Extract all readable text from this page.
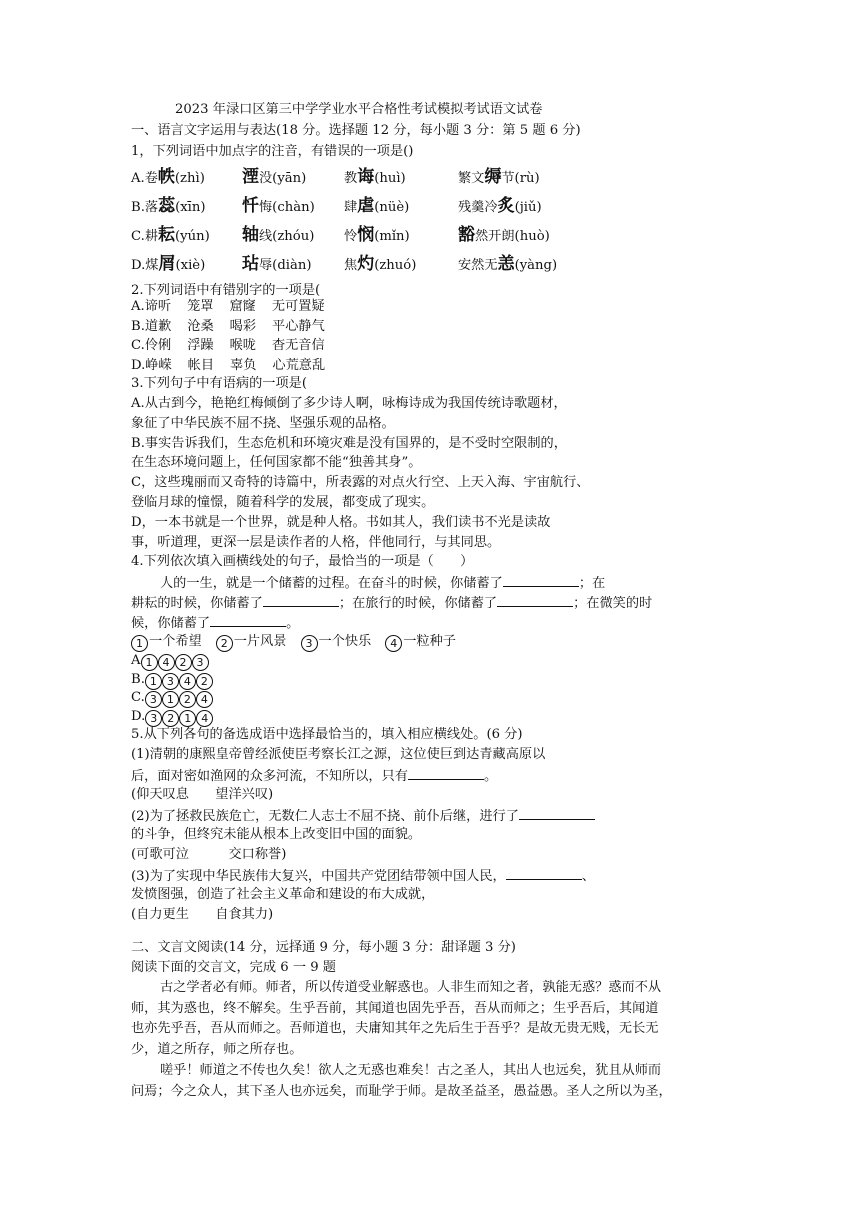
2023 年渌口区第三中学学业水平合格性考试模拟考试语文试卷
一、语言文字运用与表达(18 分。选择题 12 分，每小题 3 分：第 5 题 6 分)
1，下列词语中加点字的注音，有错误的一项是()
A.卷帙(zhì) 湮没(yān)	教诲(huì)	繁文缛节(rù)
B.落蕊(xīn) 忏悔(chàn) 肆虐(nüè)	残羹冷炙(jiǔ)
C.耕耘(yún) 轴线(zhóu) 怜悯(mǐn)	豁然开朗(huò)
D.煤屑(xiè) 玷辱(diàn) 焦灼(zhuó)	安然无恙(yàng)
2.下列词语中有错别字的一项是(
A.谛听 笼罩 窟窿 无可置疑
B.道歉 沧桑 喝彩 平心静气
C.伶俐 浮躁 喉咙 杳无音信
D.峥嵘 帐目 辜负 心荒意乱
3.下列句子中有语病的一项是(
A.从古到今，艳艳红梅倾倒了多少诗人啊，咏梅诗成为我国传统诗歌题材，
象征了中华民族不屈不挠、坚强乐观的品格。
B.事实告诉我们，生态危机和环境灾难是没有国界的，是不受时空限制的，
在生态环境问题上，任何国家都不能“独善其身”。
C，这些瑰丽而又奇特的诗篇中，所表露的对点火行空、上天入海、宇宙航行、
登临月球的憧憬，随着科学的发展，都变成了现实。
D，一本书就是一个世界，就是种人格。书如其人，我们读书不光是读故
事，听道理，更深一层是读作者的人格，伴他同行，与其同思。
4.下列依次填入画横线处的句子，最恰当的一项是（　　）
人的一生，就是一个储蓄的过程。在奋斗的时候，你储蓄了	；在
耕耘的时候，你储蓄了	；在旅行的时候，你储蓄了	；在微笑的时
候，你储蓄了	。
1 一个希望 2 一片风景 3 一个快乐 4 一粒种子
A 1 4 2 3
B. 1 3 4 2
C. 3 1 2 4
D. 3 2 1 4
5.从下列各句的备选成语中选择最恰当的，填入相应横线处。(6 分)
(1)清朝的康熙皇帝曾经派使臣考察长江之源，这位使巨到达青藏高原以
后，面对密如渔网的众多河流，不知所以，只有	。
(仰天叹息　　望洋兴叹)
(2)为了拯救民族危亡，无数仁人志士不屈不挠、前仆后继，进行了
的斗争，但终究未能从根本上改变旧中国的面貌。
(可歌可泣　　　交口称誉)
(3)为了实现中华民族伟大复兴，中国共产党团结带领中国人民，	、
发愤图强，创造了社会主义革命和建设的布大成就，
(自力更生　　自食其力)
二、文言文阅读(14 分，远择通 9 分，每小题 3 分：甜译题 3 分)
阅读下面的交言文，完成 6 一 9 题
古之学者必有师。师者，所以传道受业解惑也。人非生而知之者，孰能无惑？惑而不从
师，其为惑也，终不解矣。生乎吾前，其闻道也固先乎吾，吾从而师之；生乎吾后，其闻道
也亦先乎吾，吾从而师之。吾师道也，夫庸知其年之先后生于吾乎？是故无贵无贱，无长无
少，道之所存，师之所存也。
嗟乎！师道之不传也久矣！欲人之无惑也难矣！古之圣人，其出人也远矣，犹且从师而
问焉；今之众人，其下圣人也亦远矣，而耻学于师。是故圣益圣，愚益愚。圣人之所以为圣，
